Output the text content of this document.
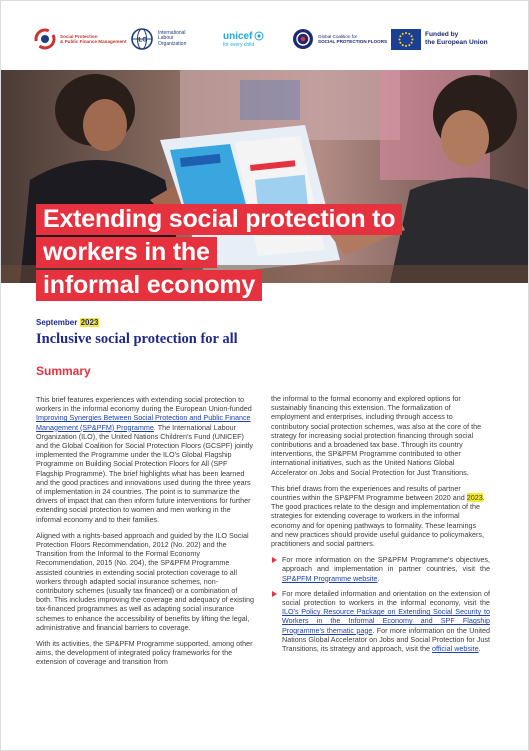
Social Protection
& Public Finance Management ILO
International
Labour
Organization
unicef
for every child
Global Coalition for
SOCIAL PROTECTION FLOORS
Funded by
the European Union
Extending social protection to
workers in the
informal economy
September 2023
Inclusive social protection for all
Summary

This brief features experiences with extending social protection to workers in the informal economy during the European Union-funded Improving Synergies Between Social Protection and Public Finance Management (SP&PFM) Programme. The International Labour Organization (ILO), the United Nations Children's Fund (UNICEF) and the Global Coalition for Social Protection Floors (GCSPF) jointly implemented the Programme under the ILO's Global Flagship Programme on Building Social Protection Floors for All (SPF Flagship Programme). The brief highlights what has been learned and the good practices and innovations used during the three years of implementation in 24 countries. The point is to summarize the drivers of impact that can then inform future interventions for further extending social protection to women and men working in the informal economy and to their families.

Aligned with a rights-based approach and guided by the ILO Social Protection Floors Recommendation, 2012 (No. 202) and the Transition from the Informal to the Formal Economy Recommendation, 2015 (No. 204), the SP&PFM Programme assisted countries in extending social protection coverage to all workers through adapted social insurance schemes, non-contributory schemes (usually tax financed) or a combination of both. This includes improving the coverage and adequacy of existing tax-financed programmes as well as adapting social insurance schemes to enhance the accessibility of benefits by lifting the legal, administrative and financial barriers to coverage.

With its activities, the SP&PFM Programme supported, among other aims, the development of integrated policy frameworks for the extension of coverage and transition from

the informal to the formal economy and explored options for sustainably financing this extension. The formalization of employment and enterprises, including through access to contributory social protection schemes, was also at the core of the strategy for increasing social protection financing through social contributions and a broadened tax base. Through its country interventions, the SP&PFM Programme contributed to other international initiatives, such as the United Nations Global Accelerator on Jobs and Social Protection for Just Transitions.

This brief draws from the experiences and results of partner countries within the SP&PFM Programme between 2020 and 2023. The good practices relate to the design and implementation of the strategies for extending coverage to workers in the informal economy and for opening pathways to formality. These learnings and new practices should provide useful guidance to policymakers, practitioners and social partners.

For more information on the SP&PFM Programme's objectives, approach and implementation in partner countries, visit the SP&PFM Programme website.
For more detailed information and orientation on the extension of social protection to workers in the informal economy, visit the ILO's Policy Resource Package on Extending Social Security to Workers in the Informal Economy and SPF Flagship Programme's thematic page. For more information on the United Nations Global Accelerator on Jobs and Social Protection for Just Transitions, its strategy and approach, visit the official website.
